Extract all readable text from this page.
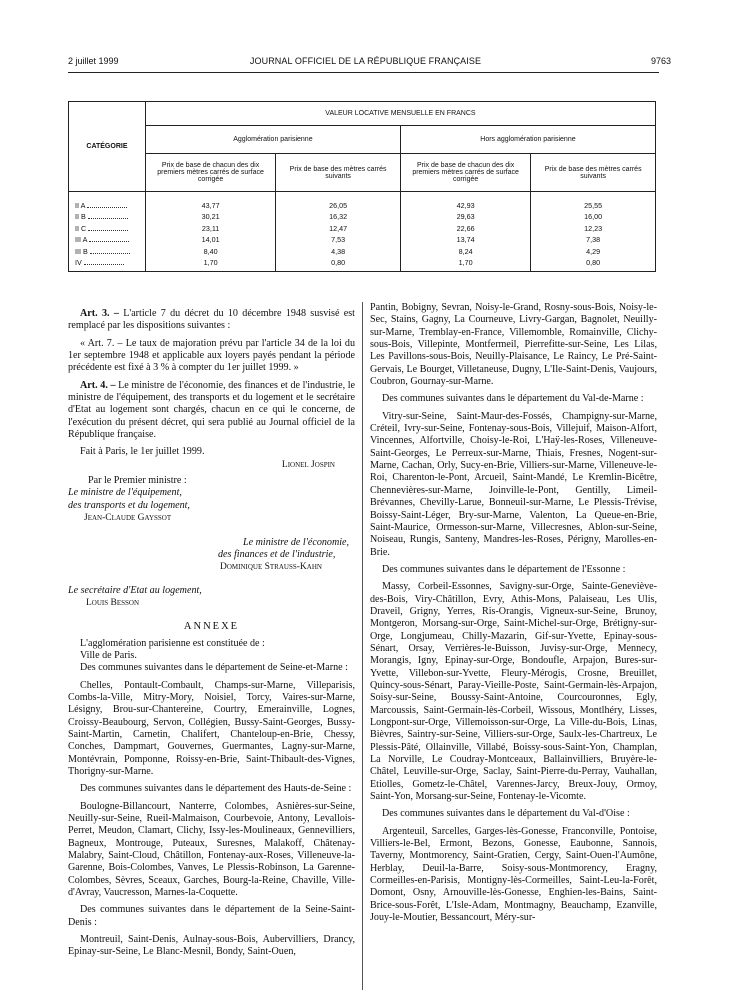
2 juillet 1999	JOURNAL OFFICIEL DE LA RÉPUBLIQUE FRANÇAISE	9763
CATÉGORIE	VALEUR LOCATIVE MENSUELLE EN FRANCS			
	Agglomération parisienne		Hors agglomération parisienne	
	Prix de base de chacun des dix premiers mètres carrés de surface corrigée	Prix de base des mètres carrés suivants	Prix de base de chacun des dix premiers mètres carrés de surface corrigée	Prix de base des mètres carrés suivants
II A	43,77	26,05	42,93	25,55
II B	30,21	16,32	29,63	16,00
II C	23,11	12,47	22,66	12,23
III A	14,01	7,53	13,74	7,38
III B	8,40	4,38	8,24	4,29
IV	1,70	0,80	1,70	0,80

Art. 3. – L'article 7 du décret du 10 décembre 1948 susvisé est remplacé par les dispositions suivantes :

« Art. 7. – Le taux de majoration prévu par l'article 34 de la loi du 1er septembre 1948 et applicable aux loyers payés pendant la période précédente est fixé à 3 % à compter du 1er juillet 1999. »

Art. 4. – Le ministre de l'économie, des finances et de l'industrie, le ministre de l'équipement, des transports et du logement et le secrétaire d'Etat au logement sont chargés, chacun en ce qui le concerne, de l'exécution du présent décret, qui sera publié au Journal officiel de la République française.

Fait à Paris, le 1er juillet 1999.

Lionel Jospin

Par le Premier ministre :

Le ministre de l'équipement,

des transports et du logement,

Jean-Claude Gayssot

Le ministre de l'économie,

des finances et de l'industrie,

Dominique Strauss-Kahn

Le secrétaire d'Etat au logement,

Louis Besson

ANNEXE

L'agglomération parisienne est constituée de :

Ville de Paris.

Des communes suivantes dans le département de Seine-et-Marne :

Chelles, Pontault-Combault, Champs-sur-Marne, Villeparisis, Combs-la-Ville, Mitry-Mory, Noisiel, Torcy, Vaires-sur-Marne, Lésigny, Brou-sur-Chantereine, Courtry, Emerainville, Lognes, Croissy-Beaubourg, Servon, Collégien, Bussy-Saint-Georges, Bussy-Saint-Martin, Carnetin, Chalifert, Chanteloup-en-Brie, Chessy, Conches, Dampmart, Gouvernes, Guermantes, Lagny-sur-Marne, Montévrain, Pomponne, Roissy-en-Brie, Saint-Thibault-des-Vignes, Thorigny-sur-Marne.

Des communes suivantes dans le département des Hauts-de-Seine :

Boulogne-Billancourt, Nanterre, Colombes, Asnières-sur-Seine, Neuilly-sur-Seine, Rueil-Malmaison, Courbevoie, Antony, Levallois-Perret, Meudon, Clamart, Clichy, Issy-les-Moulineaux, Gennevilliers, Bagneux, Montrouge, Puteaux, Suresnes, Malakoff, Châtenay-Malabry, Saint-Cloud, Châtillon, Fontenay-aux-Roses, Villeneuve-la-Garenne, Bois-Colombes, Vanves, Le Plessis-Robinson, La Garenne-Colombes, Sèvres, Sceaux, Garches, Bourg-la-Reine, Chaville, Ville-d'Avray, Vaucresson, Marnes-la-Coquette.

Des communes suivantes dans le département de la Seine-Saint-Denis :

Montreuil, Saint-Denis, Aulnay-sous-Bois, Aubervilliers, Drancy, Epinay-sur-Seine, Le Blanc-Mesnil, Bondy, Saint-Ouen,

Pantin, Bobigny, Sevran, Noisy-le-Grand, Rosny-sous-Bois, Noisy-le-Sec, Stains, Gagny, La Courneuve, Livry-Gargan, Bagnolet, Neuilly-sur-Marne, Tremblay-en-France, Villemomble, Romainville, Clichy-sous-Bois, Villepinte, Montfermeil, Pierrefitte-sur-Seine, Les Lilas, Les Pavillons-sous-Bois, Neuilly-Plaisance, Le Raincy, Le Pré-Saint-Gervais, Le Bourget, Villetaneuse, Dugny, L'Ile-Saint-Denis, Vaujours, Coubron, Gournay-sur-Marne.

Des communes suivantes dans le département du Val-de-Marne :

Vitry-sur-Seine, Saint-Maur-des-Fossés, Champigny-sur-Marne, Créteil, Ivry-sur-Seine, Fontenay-sous-Bois, Villejuif, Maison-Alfort, Vincennes, Alfortville, Choisy-le-Roi, L'Haÿ-les-Roses, Villeneuve-Saint-Georges, Le Perreux-sur-Marne, Thiais, Fresnes, Nogent-sur-Marne, Cachan, Orly, Sucy-en-Brie, Villiers-sur-Marne, Villeneuve-le-Roi, Charenton-le-Pont, Arcueil, Saint-Mandé, Le Kremlin-Bicêtre, Chennevières-sur-Marne, Joinville-le-Pont, Gentilly, Limeil-Brévannes, Chevilly-Larue, Bonneuil-sur-Marne, Le Plessis-Trévise, Boissy-Saint-Léger, Bry-sur-Marne, Valenton, La Queue-en-Brie, Saint-Maurice, Ormesson-sur-Marne, Villecresnes, Ablon-sur-Seine, Noiseau, Rungis, Santeny, Mandres-les-Roses, Périgny, Marolles-en-Brie.

Des communes suivantes dans le département de l'Essonne :

Massy, Corbeil-Essonnes, Savigny-sur-Orge, Sainte-Geneviève-des-Bois, Viry-Châtillon, Evry, Athis-Mons, Palaiseau, Les Ulis, Draveil, Grigny, Yerres, Ris-Orangis, Vigneux-sur-Seine, Brunoy, Montgeron, Morsang-sur-Orge, Saint-Michel-sur-Orge, Brétigny-sur-Orge, Longjumeau, Chilly-Mazarin, Gif-sur-Yvette, Epinay-sous-Sénart, Orsay, Verrières-le-Buisson, Juvisy-sur-Orge, Mennecy, Morangis, Igny, Epinay-sur-Orge, Bondoufle, Arpajon, Bures-sur-Yvette, Villebon-sur-Yvette, Fleury-Mérogis, Crosne, Breuillet, Quincy-sous-Sénart, Paray-Vieille-Poste, Saint-Germain-lès-Arpajon, Soisy-sur-Seine, Boussy-Saint-Antoine, Courcouronnes, Egly, Marcoussis, Saint-Germain-lès-Corbeil, Wissous, Montlhéry, Lisses, Longpont-sur-Orge, Villemoisson-sur-Orge, La Ville-du-Bois, Linas, Bièvres, Saintry-sur-Seine, Villiers-sur-Orge, Saulx-les-Chartreux, Le Plessis-Pâté, Ollainville, Villabé, Boissy-sous-Saint-Yon, Champlan, La Norville, Le Coudray-Montceaux, Ballainvilliers, Bruyère-le-Châtel, Leuville-sur-Orge, Saclay, Saint-Pierre-du-Perray, Vauhallan, Etiolles, Gometz-le-Châtel, Varennes-Jarcy, Breux-Jouy, Ormoy, Saint-Yon, Morsang-sur-Seine, Fontenay-le-Vicomte.

Des communes suivantes dans le département du Val-d'Oise :

Argenteuil, Sarcelles, Garges-lès-Gonesse, Franconville, Pontoise, Villiers-le-Bel, Ermont, Bezons, Gonesse, Eaubonne, Sannois, Taverny, Montmorency, Saint-Gratien, Cergy, Saint-Ouen-l'Aumône, Herblay, Deuil-la-Barre, Soisy-sous-Montmorency, Eragny, Cormeilles-en-Parisis, Montigny-lès-Cormeilles, Saint-Leu-la-Forêt, Domont, Osny, Arnouville-lès-Gonesse, Enghien-les-Bains, Saint-Brice-sous-Forêt, L'Isle-Adam, Montmagny, Beauchamp, Ezanville, Jouy-le-Moutier, Bessancourt, Méry-sur-
